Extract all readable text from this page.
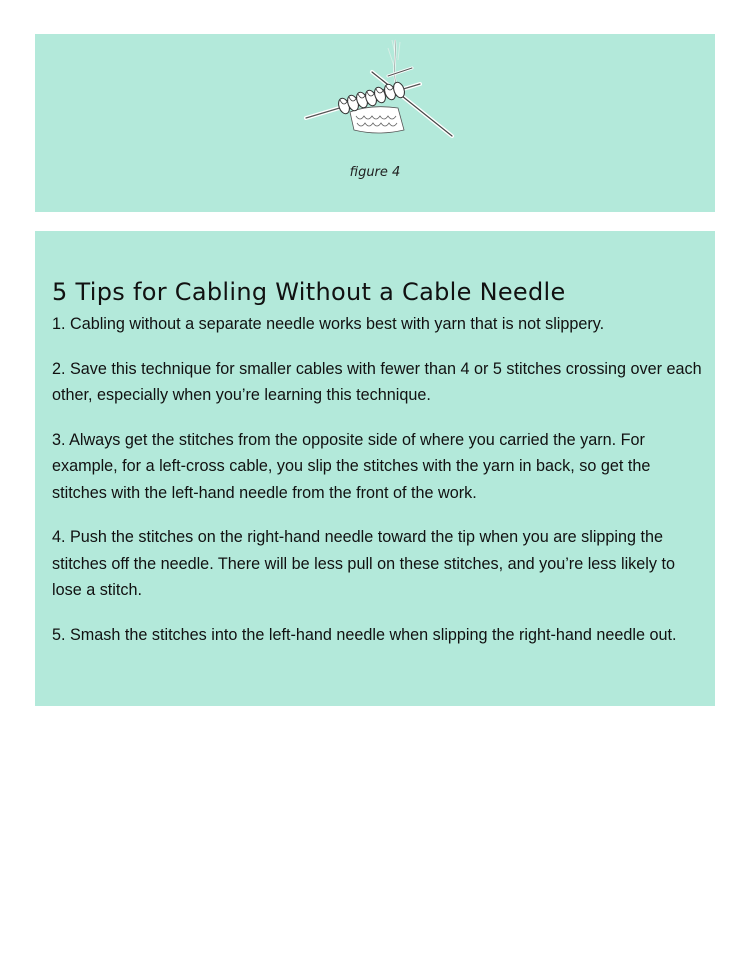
figure 4
5 Tips for Cabling Without a Cable Needle
1. Cabling without a separate needle works best with yarn that is not slippery.
2. Save this technique for smaller cables with fewer than 4 or 5 stitches crossing over each other, especially when you’re learning this technique.
3. Always get the stitches from the opposite side of where you carried the yarn. For example, for a left-cross cable, you slip the stitches with the yarn in back, so get the stitches with the left-hand needle from the front of the work.
4. Push the stitches on the right-hand needle toward the tip when you are slipping the stitches off the needle. There will be less pull on these stitches, and you’re less likely to lose a stitch.
5. Smash the stitches into the left-hand needle when slipping the right-hand needle out.
